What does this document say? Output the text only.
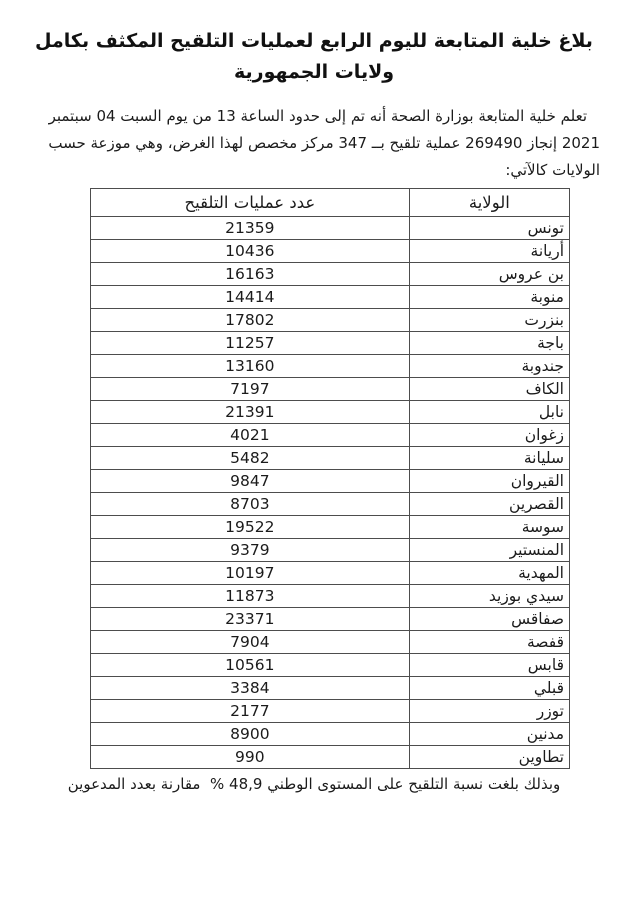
بلاغ خلية المتابعة لليوم الرابع لعمليات التلقيح المكثف بكامل ولايات الجمهورية

تعلم خلية المتابعة بوزارة الصحة أنه تم إلى حدود الساعة 13 من يوم السبت 04 سبتمبر 2021 إنجاز 269490 عملية تلقيح بــ 347 مركز مخصص لهذا الغرض، وهي موزعة حسب الولايات كالآتي:

الولاية	عدد عمليات التلقيح
تونس	21359
أريانة	10436
بن عروس	16163
منوبة	14414
بنزرت	17802
باجة	11257
جندوبة	13160
الكاف	7197
نابل	21391
زغوان	4021
سليانة	5482
القيروان	9847
القصرين	8703
سوسة	19522
المنستير	9379
المهدية	10197
سيدي بوزيد	11873
صفاقس	23371
قفصة	7904
قابس	10561
قبلي	3384
توزر	2177
مدنين	8900
تطاوين	990

وبذلك بلغت نسبة التلقيح على المستوى الوطني 48,9 %  مقارنة بعدد المدعوين
